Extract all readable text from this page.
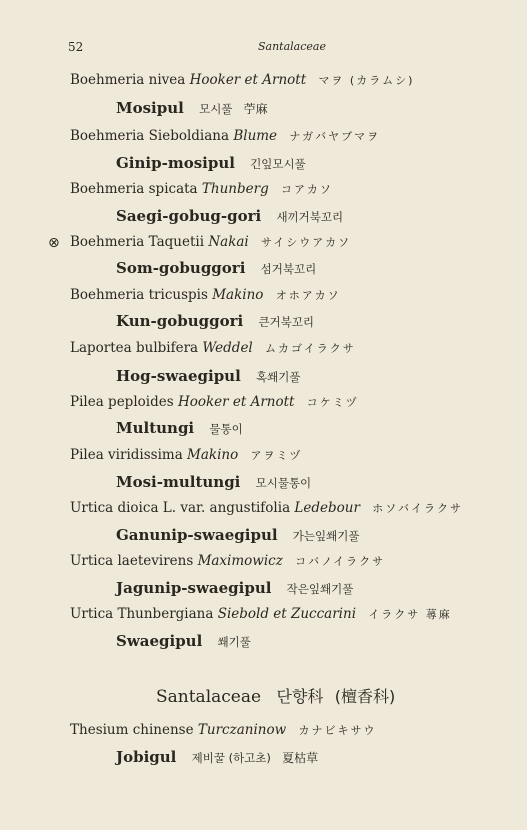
52	Santalaceae
Boehmeria nivea Hooker et Arnott マヲ (カラムシ)
Mosipul 모시풀 苧麻
Boehmeria Sieboldiana Blume ナガバヤブマヲ
Ginip-mosipul 긴잎모시풀
Boehmeria spicata Thunberg コアカソ
Saegi-gobug-gori 새끼거북꼬리
⊗ Boehmeria Taquetii Nakai サイシウアカソ
Som-gobuggori 섬거북꼬리
Boehmeria tricuspis Makino オホアカソ
Kun-gobuggori 큰거북꼬리
Laportea bulbifera Weddel ムカゴイラクサ
Hog-swaegipul 혹쐐기풀
Pilea peploides Hooker et Arnott コケミヅ
Multungi 물통이
Pilea viridissima Makino アヲミヅ
Mosi-multungi 모시물통이
Urtica dioica L. var. angustifolia Ledebour ホソバイラクサ
Ganunip-swaegipul 가는잎쐐기풀
Urtica laetevirens Maximowicz コバノイラクサ
Jagunip-swaegipul 작은잎쐐기풀
Urtica Thunbergiana Siebold et Zuccarini イラクサ 蕁麻
Swaegipul 쐐기풀
Santalaceae 단향科 (檀香科)
Thesium chinense Turczaninow カナビキサウ
Jobigul 제비꿀 (하고초) 夏枯草
